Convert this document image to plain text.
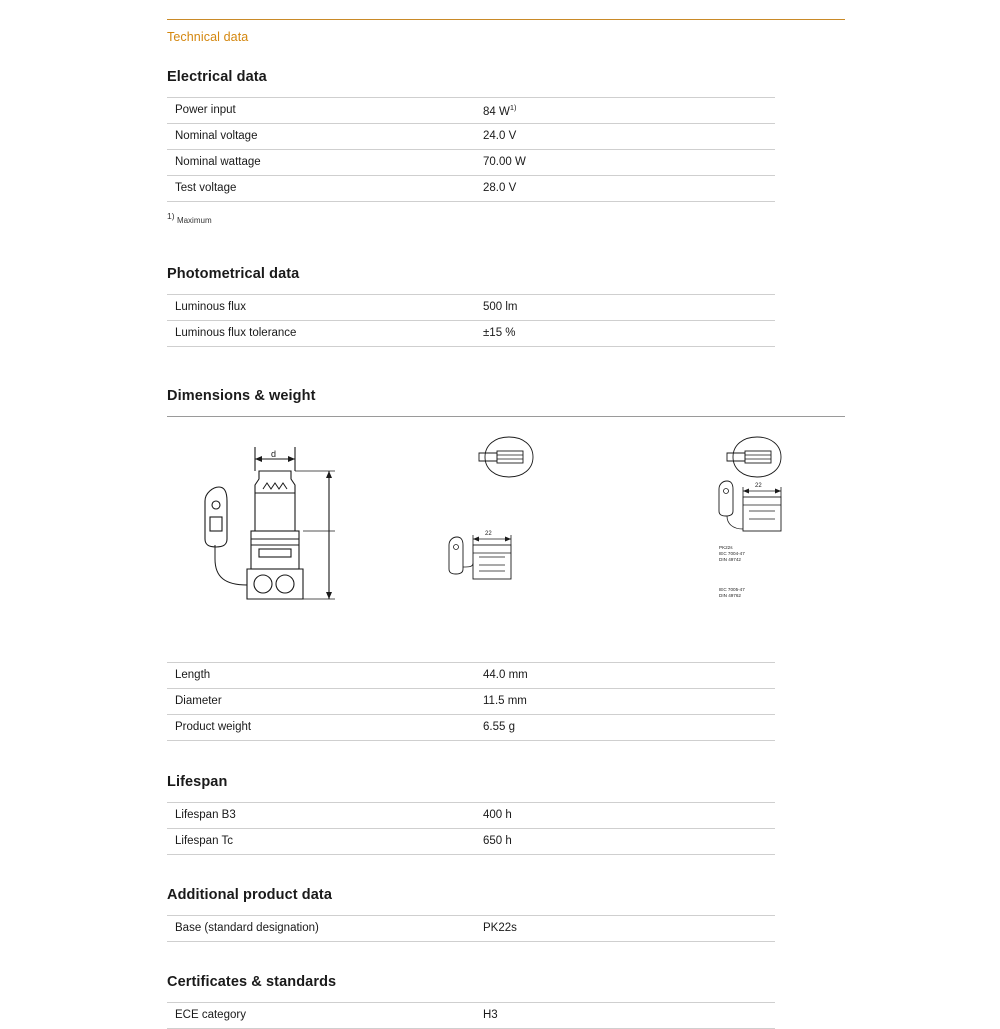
Technical data
Electrical data
Power input	84 $W^{1)}$
Nominal voltage	24.0 V
Nominal wattage	70.00 W
Test voltage	28.0 V
1) Maximum
Photometrical data
Luminous flux	500 lm
Luminous flux tolerance	±15 %
Dimensions & weight
d
22
22
PK22s
IEC 7004-47
DIN 49742
IEC 7005-47
DIN 49762
Length	44.0 mm
Diameter	11.5 mm
Product weight	6.55 g
Lifespan
Lifespan B3	400 h
Lifespan Tc	650 h
Additional product data
Base (standard designation)	PK22s
Certificates & standards
ECE category	H3
